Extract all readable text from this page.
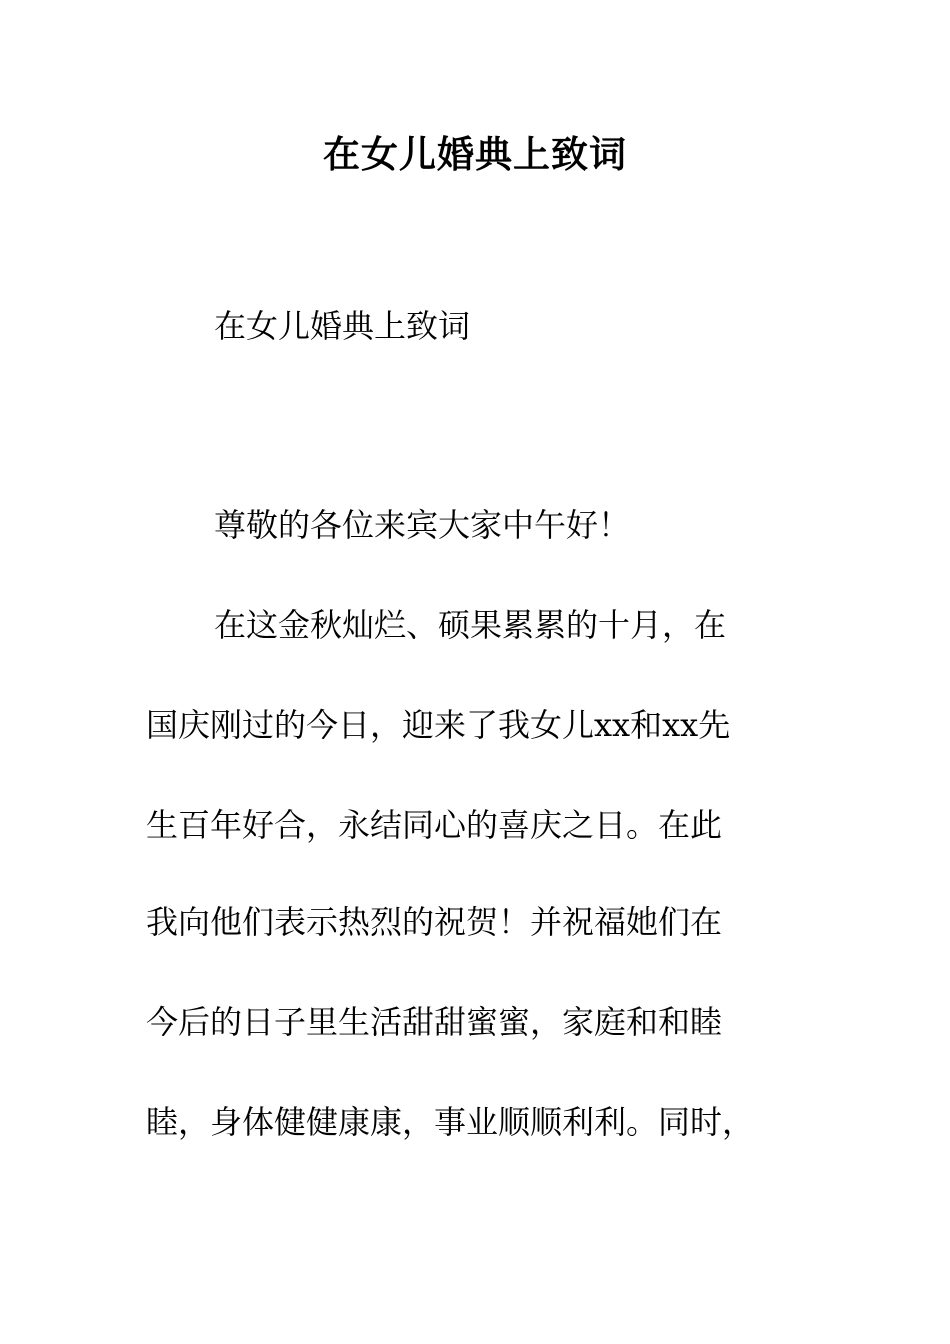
在女儿婚典上致词
在女儿婚典上致词
尊敬的各位来宾大家中午好！
在这金秋灿烂、硕果累累的十月，在
国庆刚过的今日，迎来了我女儿xx和xx先
生百年好合，永结同心的喜庆之日。在此
我向他们表示热烈的祝贺！并祝福她们在
今后的日子里生活甜甜蜜蜜，家庭和和睦
睦，身体健健康康，事业顺顺利利。同时，
